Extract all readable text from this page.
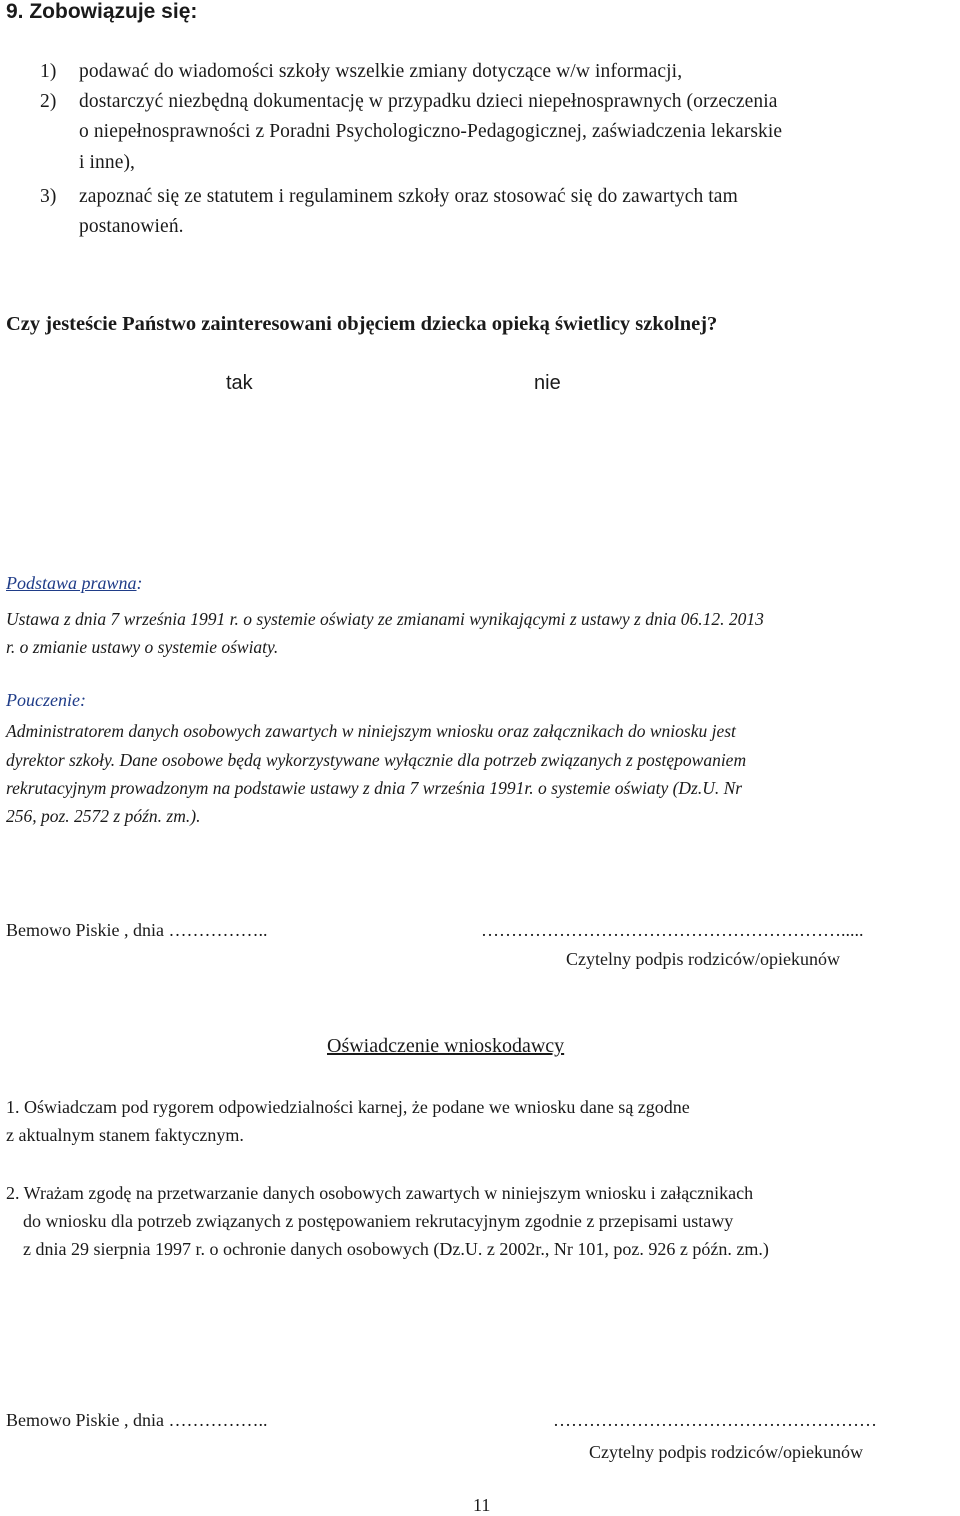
9. Zobowiązuje się:
1) podawać do wiadomości szkoły wszelkie zmiany dotyczące w/w informacji,
2) dostarczyć niezbędną dokumentację w przypadku dzieci niepełnosprawnych (orzeczenia
o niepełnosprawności z Poradni Psychologiczno-Pedagogicznej, zaświadczenia lekarskie
i inne),
3) zapoznać się ze statutem i regulaminem szkoły oraz stosować się do zawartych tam
postanowień.
Czy jesteście Państwo zainteresowani objęciem dziecka opieką świetlicy szkolnej?
tak	nie
Podstawa prawna:
Ustawa z dnia 7 września 1991 r. o systemie oświaty ze zmianami wynikającymi z ustawy z dnia 06.12. 2013
r. o zmianie ustawy o systemie oświaty.
Pouczenie:
Administratorem danych osobowych zawartych w niniejszym wniosku oraz załącznikach do wniosku jest
dyrektor szkoły. Dane osobowe będą wykorzystywane wyłącznie dla potrzeb związanych z postępowaniem
rekrutacyjnym prowadzonym na podstawie ustawy z dnia 7 września 1991r. o systemie oświaty (Dz.U. Nr
256, poz. 2572 z późn. zm.).
Bemowo Piskie , dnia ……………..	…………………………………………………….....
Czytelny podpis rodziców/opiekunów
Oświadczenie wnioskodawcy
1. Oświadczam pod rygorem odpowiedzialności karnej, że podane we wniosku dane są zgodne
z aktualnym stanem faktycznym.
2. Wrażam zgodę na przetwarzanie danych osobowych zawartych w niniejszym wniosku i załącznikach
do wniosku dla potrzeb związanych z postępowaniem rekrutacyjnym zgodnie z przepisami ustawy
z dnia 29 sierpnia 1997 r. o ochronie danych osobowych (Dz.U. z 2002r., Nr 101, poz. 926 z późn. zm.)
Bemowo Piskie , dnia ……………..	………………………………………………
Czytelny podpis rodziców/opiekunów
11
